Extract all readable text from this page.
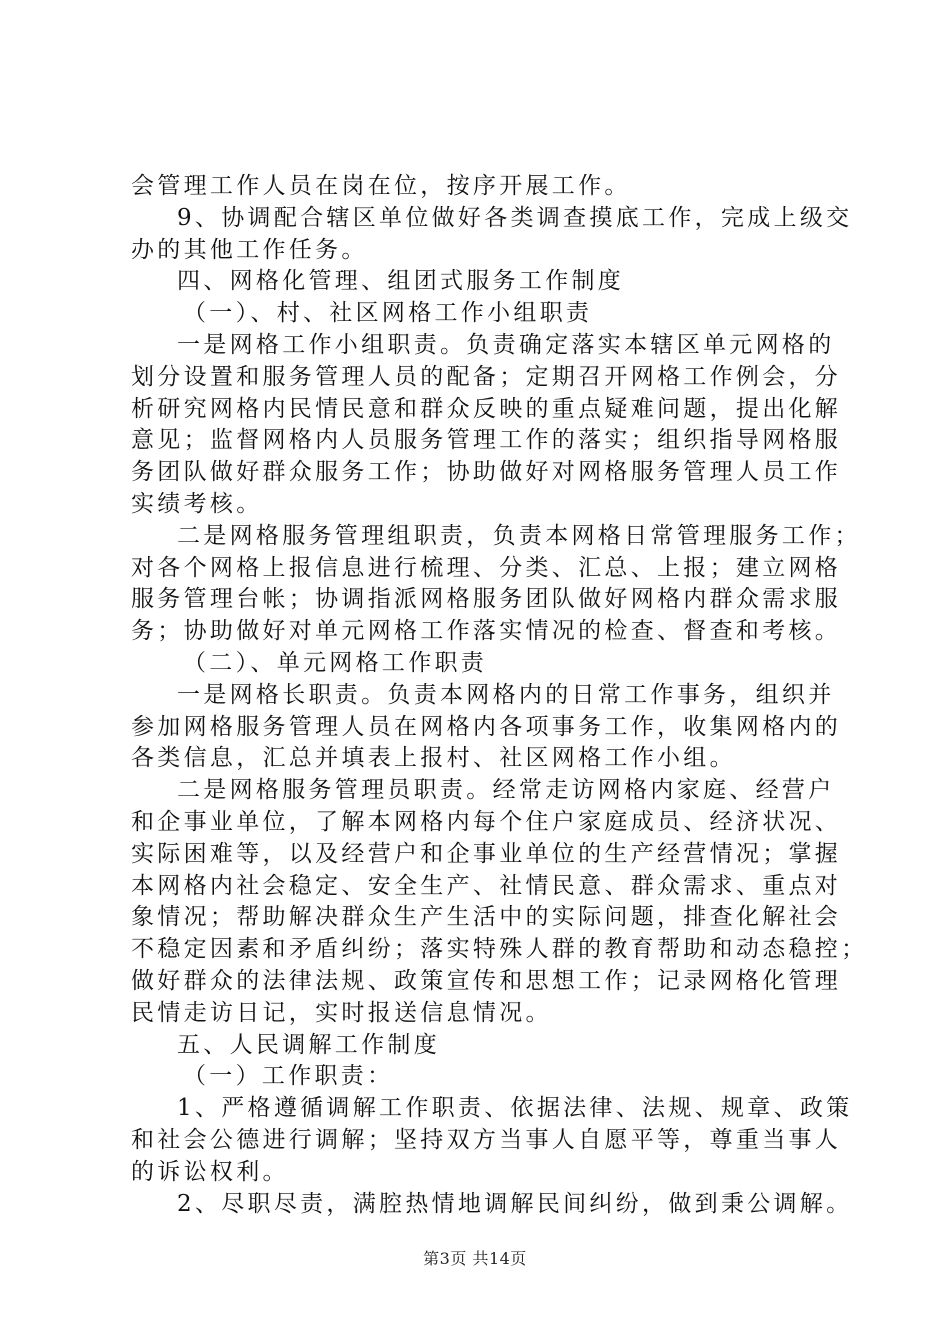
会管理工作人员在岗在位，按序开展工作。
9、协调配合辖区单位做好各类调查摸底工作，完成上级交
办的其他工作任务。
四、网格化管理、组团式服务工作制度
（一）、村、社区网格工作小组职责
一是网格工作小组职责。负责确定落实本辖区单元网格的
划分设置和服务管理人员的配备；定期召开网格工作例会，分
析研究网格内民情民意和群众反映的重点疑难问题，提出化解
意见；监督网格内人员服务管理工作的落实；组织指导网格服
务团队做好群众服务工作；协助做好对网格服务管理人员工作
实绩考核。
二是网格服务管理组职责，负责本网格日常管理服务工作；
对各个网格上报信息进行梳理、分类、汇总、上报；建立网格
服务管理台帐；协调指派网格服务团队做好网格内群众需求服
务；协助做好对单元网格工作落实情况的检查、督查和考核。
（二）、单元网格工作职责
一是网格长职责。负责本网格内的日常工作事务，组织并
参加网格服务管理人员在网格内各项事务工作，收集网格内的
各类信息，汇总并填表上报村、社区网格工作小组。
二是网格服务管理员职责。经常走访网格内家庭、经营户
和企事业单位，了解本网格内每个住户家庭成员、经济状况、
实际困难等，以及经营户和企事业单位的生产经营情况；掌握
本网格内社会稳定、安全生产、社情民意、群众需求、重点对
象情况；帮助解决群众生产生活中的实际问题，排查化解社会
不稳定因素和矛盾纠纷；落实特殊人群的教育帮助和动态稳控；
做好群众的法律法规、政策宣传和思想工作；记录网格化管理
民情走访日记，实时报送信息情况。
五、人民调解工作制度
（一）工作职责：
1、严格遵循调解工作职责、依据法律、法规、规章、政策
和社会公德进行调解；坚持双方当事人自愿平等，尊重当事人
的诉讼权利。
2、尽职尽责，满腔热情地调解民间纠纷，做到秉公调解。
第3页 共14页
